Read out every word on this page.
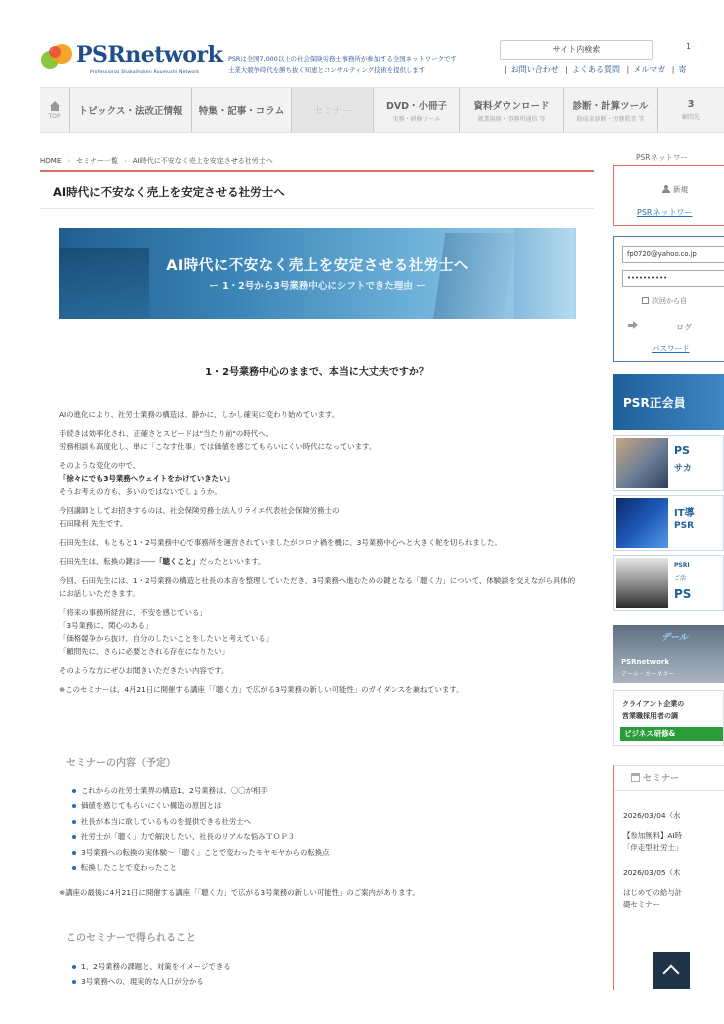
PSRnetwork
Professional Shakaihoken Roumushi Network
PSRは全国7,000以上の社会保険労務士事務所が参加する全国ネットワークです
土業大競争時代を勝ち抜く知恵とコンサルティング技術を提供します
サイト内検索	1
| お問い合わせ | よくある質問 | メルマガ | 寄
TOP トピックス・法改正情報 特集・記事・コラム	セミナー	DVD・小冊子
実務・研修ツール
資料ダウンロード
就業規則・事務所通信 等
診断・計算ツール
助成金診断・労務監査 等
3
顧問先
HOME › セミナー一覧 › AI時代に不安なく売上を安定させる社労士へ
AI時代に不安なく売上を安定させる社労士へ
AI時代に不安なく売上を安定させる社労士へ
ー 1・2号から3号業務中心にシフトできた理由 ー
1・2号業務中心のままで、本当に大丈夫ですか？

AIの進化により、社労士業務の構造は、静かに、しかし確実に変わり始めています。

手続きは効率化され、正確さとスピードは"当たり前"の時代へ。
労務相談も高度化し、単に「こなす仕事」では価値を感じてもらいにくい時代になっています。

そのような変化の中で、
「徐々にでも3号業務へウェイトをかけていきたい」
そうお考えの方も、多いのではないでしょうか。

今回講師としてお招きするのは、社会保険労務士法人リライエ代表社会保険労務士の
石田隆利 先生です。

石田先生は、もともと1・2号業務中心で事務所を運営されていましたがコロナ禍を機に、3号業務中心へと大きく舵を切られました。

石田先生は、転換の鍵は――「聴くこと」だったといいます。

今回、石田先生には、1・2号業務の構造と社長の本音を整理していただき、3号業務へ進むための鍵となる「聴く力」について、体験談を交えながら具体的にお話しいただきます。

「将来の事務所経営に、不安を感じている」
「3号業務に、関心のある」
「価格競争から抜け、自分のしたいことをしたいと考えている」
「顧問先に、さらに必要とされる存在になりたい」

そのような方にぜひお聞きいただきたい内容です。

※このセミナーは、4月21日に開催する講座「「聴く力」で広がる3号業務の新しい可能性」のガイダンスを兼ねています。

セミナーの内容（予定）
これからの社労士業界の構造1、2号業務は、〇〇が相手
価値を感じてもらいにくい構造の原因とは
社長が本当に欲しているものを提供できる社労士へ
社労士が「聴く」力で解決したい、社長のリアルな悩みＴＯＰ３
3号業務への転換の実体験～「聴く」ことで変わったモヤモヤからの転換点
転換したことで変わったこと
※講座の最後に4月21日に開催する講座「「聴く力」で広がる3号業務の新しい可能性」のご案内があります。
このセミナーで得られること
1、2号業務の課題と、対策をイメージできる
3号業務への、現実的な入口が分かる
PSRネットワー
新規
PSRネットワー
fp0720@yahoo.co.jp
••••••••••
次回から自
ログ
パスワード
PSR正会員
PS
サカ
IT導
PSR
PSRI
ご活
PS
デール
PSRnetwork
デール・カーネギー
クライアント企業の
営業職採用者の調
ビジネス研修&
セミナー
2026/03/04（水
【参加無料】AI時
「伴走型社労士」
2026/03/05（木
はじめての給与計
礎セミナー
